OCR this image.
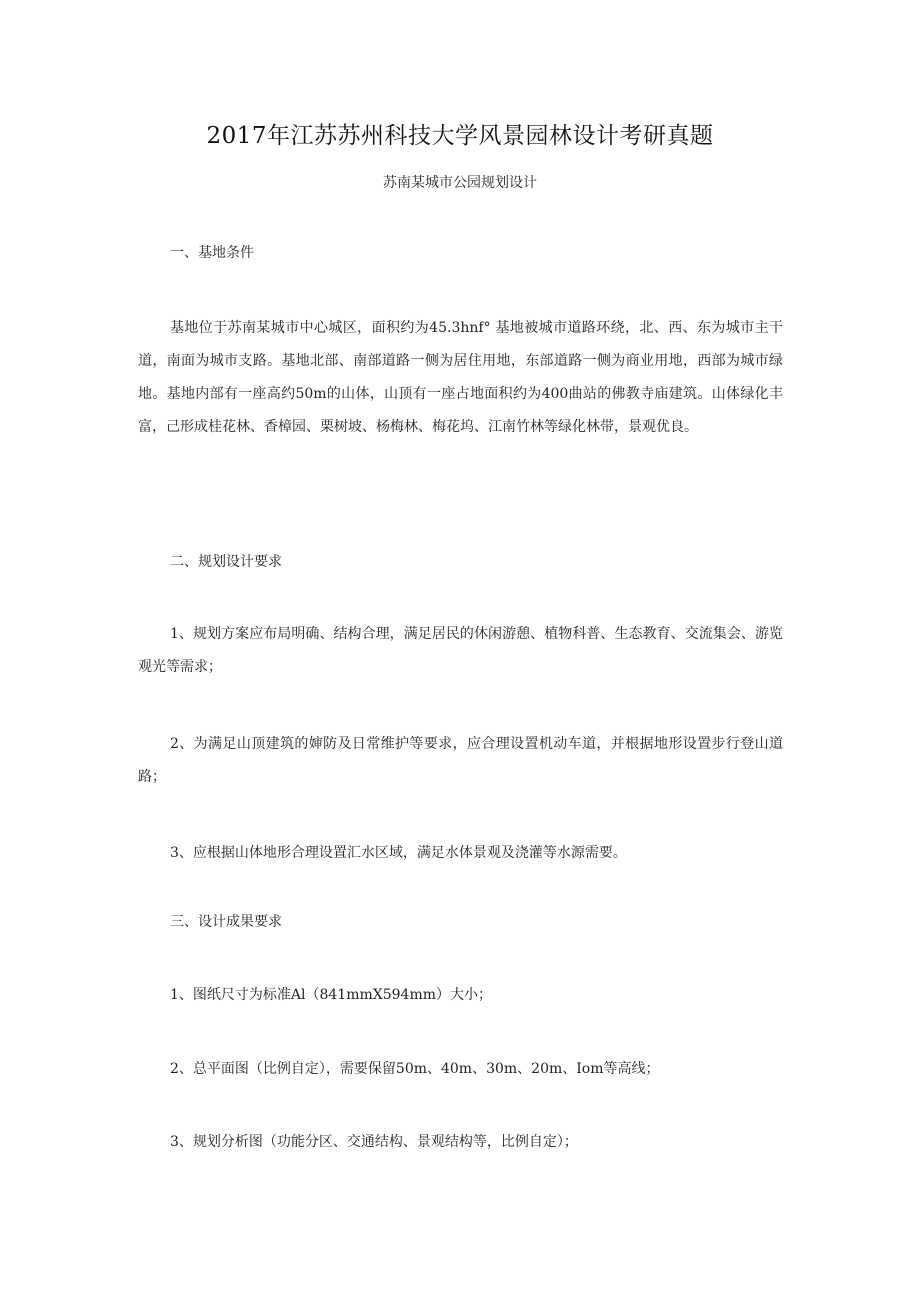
2017年江苏苏州科技大学风景园林设计考研真题

苏南某城市公园规划设计

一、基地条件

基地位于苏南某城市中心城区，面积约为45.3hnf° 基地被城市道路环绕，北、西、东为城市主干道，南面为城市支路。基地北部、南部道路一侧为居住用地，东部道路一侧为商业用地，西部为城市绿地。基地内部有一座高约50m的山体，山顶有一座占地面积约为400曲站的佛教寺庙建筑。山体绿化丰富，己形成桂花林、香樟园、栗树坡、杨梅林、梅花坞、江南竹林等绿化林带，景观优良。

二、规划设计要求

1、规划方案应布局明确、结构合理，满足居民的休闲游憩、植物科普、生态教育、交流集会、游览观光等需求；

2、为满足山顶建筑的婶防及日常维护等要求，应合理设置机动车道，并根据地形设置步行登山道路；

3、应根据山体地形合理设置汇水区域，满足水体景观及浇灌等水源需要。

三、设计成果要求

1、图纸尺寸为标准Al（841mmX594mm）大小；

2、总平面图（比例自定），需要保留50m、40m、30m、20m、Iom等高线；

3、规划分析图（功能分区、交通结构、景观结构等，比例自定）；
